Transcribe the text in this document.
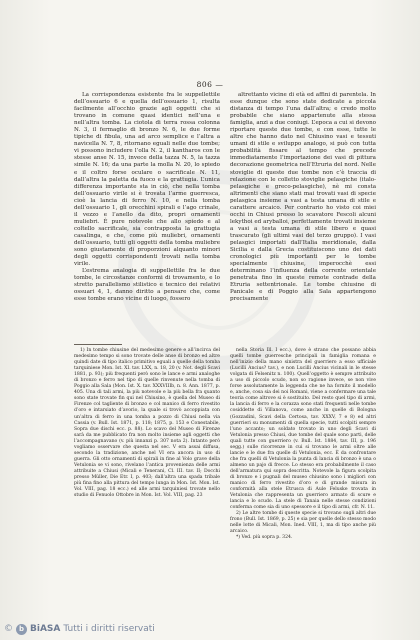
806 —

La corrispondenza esistente fra le suppellettile dell’ossuario 6 e quella dell’ossuario 1, risulta facilmente all’occhio grazie agli oggetti che si trovano in comune quasi identici nell’una e nell’altra tomba. La ciotola di terra rossa colonna N. 3, il fermaglio di bronzo N. 6, le due forme tipiche di fibula, una ad arco semplice e l’altra a navicella N. 7, 8, ritornano eguali nelle due tombe; vi possono includere l’olla N. 2, il kantharos con le stesse anse N. 15, invece della tazza N. 5, la tazza simile N. 16; da una parte la molla N. 20, lo spiedo e il coltro forse oculare o sacrificale N. 11, dall’altra la paletta da fuoco e la grattugia. L’unica differenza importante sta in ciò, che nella tomba dell’ossuario virile si è trovata l’arme guerresca, cioè la lancia di ferro N. 10, e nella tomba dell’ossuario 1, gli orecchini spirali e l’ago crinale, il vezzo e l’anello da dito, propri ornamenti muliebri. È pure notevole che allo spiedo e al coltello sacrificale, sia contrapposta la grattugia casalinga, e che, come più muliebri, ornamenti dell’ossuario, tutti gli oggetti della tomba muliebre sono giustamente di proporzioni alquanto minori degli oggetti corrispondenti trovati nella tomba virile.

L’estrema analogia di suppellettile fra le due tombe, le circostanze conformi di trovamento, e lo stretto parallelismo stilistico e tecnico dei relativi ossuari 4, 1, danno diritto a pensare che, come esse tombe erano vicine di luogo, fossero

altrettanto vicine di età ed affini di parentela. In esse dunque che sono state dedicate a piccola distanza di tempo l’una dall’altra; e credo molto probabile che siano appartenute alla stessa famiglia, anzi a due coniugi. L’epoca a cui si devono riportare queste due tombe, e con esse, tutte le altre che hanno dato nel Chiusino vasi e tessuti umani di stile e sviluppo analogo, si può con tutta probabilità fissare al tempo che precede immediatamente l’importazione dei vasi di pittura decorazione geometrica nell’Etruria del nord. Nelle stoviglie di queste due tombe non c’è traccia di relazione con le colletto stoviglie pelasgiche (italo-pelasgiche e greco-pelasgiche), nè mi consta altrimenti che siano stati mai trovati vasi di specie pelasgica insieme a vasi a testa umana di stile e carattere arcaico. Per contrario ho visto coi miei occhi in Chiusi presso lo scavatore Fescoli alcuni lekythoi ed aryballoi, perfettamente trovati insieme a vasi a testa umana di stile libero e quasi trascurato (gli ultimi vasi del terzo gruppo). I vasi pelasgici importati dall’Italia meridionale, dalla Sicilia e dalla Grecia costituiscono uno dei dati cronologici più importanti per le tombe specialmente chiusine, imperocchè essi determinano l’influenza della corrente orientale penetrata fino in queste remote contrade della Etruria settentrionale. Le tombe chiusine di Panicale e di Poggio alla Sala appartengono precisamente

1) In tombe chiusine del medesimo genere e all’incirca del medesimo tempo si sono trovate delle anse di bronzo ed altre quindi date di tipo italico primitivo eguali a quelle della tomba tarquiniese Mon. Ist. XI. tav. LXX, n. 18, 20 (v. Not. degli Scavi 1881, p. 93); più frequenti però sono le lance e armi analoghe di bronzo e ferro nel tipo di quelle rinvenute nella tomba di Poggio alla Sala (Mon. Ist. X. tav. XXXVIIIb, n. 8. Ann. 1877, p. 405. Una di tali armi, la più notevole e la più bella fra quanto sono state trovate fin qui nel Chiusino, è quella del Museo di Firenze col tagliente di bronzo e col manico di ferro rivestito d’oro e intarsiato d’avorio, la quale si trovò accoppiata con un’altra di ferro in una tomba a pozzo di Chiusi nella via Cassia (v. Bull. Ist. 1871, p. 118; 1875, p. 153 e Conestabile, Sopra due dischi ecc. p. 88). Lo scavo del Museo di Firenze sarà da me pubblicato fra non molto insieme agli oggetti che l’accompagnavano (v. più innanzi p. 307 nota 2). Intanto però vogliamo osservare che questa nel sec. V era assai diffusa, secondo la tradizione, anche nel VI era ancora in uso di guerra. Gli otto ornamenti di spirali in fine al Volo grave della Vetulonia se vi sono, rivelano l’antica provenienza delle armi attribuite a Chiusi (Micali e Tenerani, Cl. III. tav. II; Docchi presso Müller, Die Etr. I, p. 403; dall’altra una spada tribale più fina fino alla pittura del tempo lunga in Mon. Ist. Mon. Ist. Vol. VIII, pag. 18 ecc.) ed alle armi tarquiniesi trovate nello studio di Fenuolo Ottobre in Mon. Ist. Vol. VIII, pag. 23

nella Storia Ill. I ecc.), dove è strano che possano abbia quelli tombe guerresche principali in famiglia romana e nell’inizio della mano sinistra del guerriero a esso ufficiale (Lucilli Ancius? tav.), e non Lucilli Ancius vicinali in le stesse volgata di Felsenitz n. 100). Quell’oggetto è sempre attribuito a uso di piccolo scudo, non so ragione invece, se non vive forse assolutamente la leggenda che ne ha fornito il modello e, anche, cosa sia dei noi Romani, viene a confermare una tale teoria come altrove si è sostituito. Del resto quel tipo di armi, la lancia di ferro e la corazza sono stati frequenti nelle tombe cosiddette di Villanova, come anche in quelle di Bologna (Gozzadini, Scavi della Certosa, tav. XXXV, 7 e 8) ed altri guerrieri su monumenti di quella specie, tutti scolpiti sempre l’uno accanto; un soldato trovato in uno degli Scavi di Vetulonia presso Chiusi, due tombe del quale sono parti, delle quali tutte con guerriero (v. Bull. Ist. 1884, tav. III, p. 196 segg.) sulle ricorrenze in cui si trovano le armi oltre alle lancie e le due fra quelle di Vetulonia, ecc. È da confrontare che fra quelli di Vetulonia la punta di lancia di bronzo è una o almeno un pajo di frecce. Lo stesso era probabilmente il caso dell’armatura qui sopra descritta. Notevole la figura scolpita di bronzo e i pugnali del museo chiusino sono i migliori con manico di ferro rivestito d’oro e di grande misura in conformità alla stele Etrusca di Aule Feluske trovata in Vetulonia che rappresenta un guerriero armato di scure e lancia e lo scudo. La stele di Tanaia nelle stesse condizioni conferma come sia di uno spessore e il tipo di armi, cfr. N. 11.

2) Le altre tombe di queste specie si trovano sugli altri due frono (Bull. Ist. 1869, p. 25) e sia per quelle dello stesso modo nelle lotte di Micali, Mon. Ined. VIII, 1, ma di tipo anche più arcaico.

*) Ved. più sopra p. 324.

© b BiASA Tutti i diritti riservati
